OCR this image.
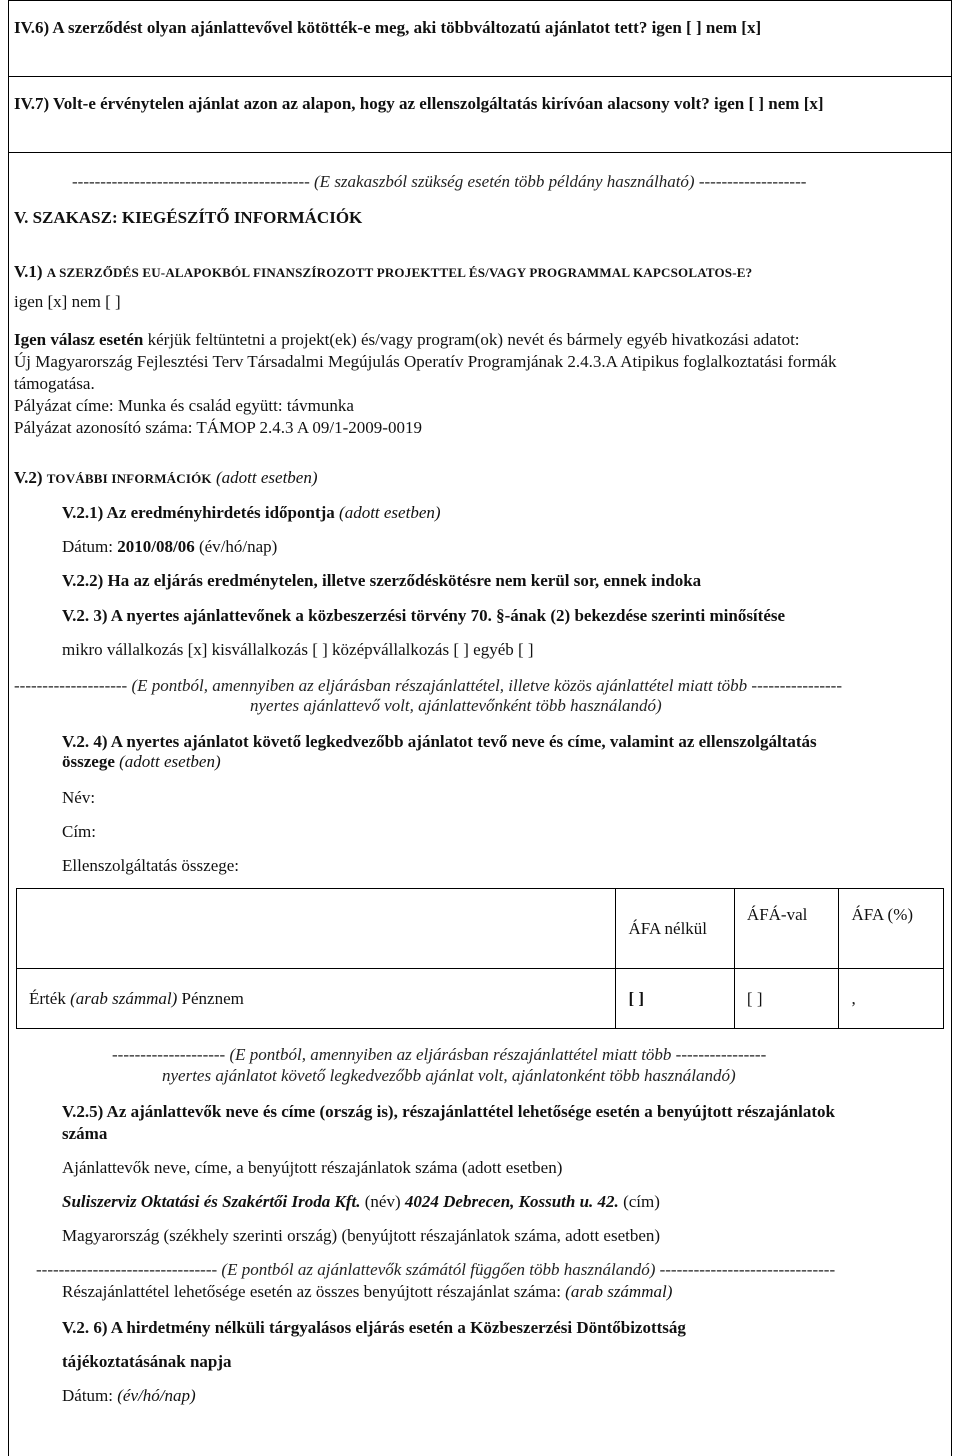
IV.6) A szerződést olyan ajánlattevővel kötötték-e meg, aki többváltozatú ajánlatot tett? igen [ ] nem [x]
IV.7) Volt-e érvénytelen ajánlat azon az alapon, hogy az ellenszolgáltatás kirívóan alacsony volt? igen [ ] nem [x]
------------------------------------------ (E szakaszból szükség esetén több példány használható) -------------------
V. SZAKASZ: KIEGÉSZÍTŐ INFORMÁCIÓK
V.1) A SZERZŐDÉS EU-ALAPOKBÓL FINANSZÍROZOTT PROJEKTTEL ÉS/VAGY PROGRAMMAL KAPCSOLATOS-E?
igen [x] nem [ ]
Igen válasz esetén kérjük feltüntetni a projekt(ek) és/vagy program(ok) nevét és bármely egyéb hivatkozási adatot:
Új Magyarország Fejlesztési Terv Társadalmi Megújulás Operatív Programjának 2.4.3.A Atipikus foglalkoztatási formák
támogatása.
Pályázat címe: Munka és család együtt: távmunka
Pályázat azonosító száma: TÁMOP 2.4.3 A 09/1-2009-0019
V.2) TOVÁBBI INFORMÁCIÓK (adott esetben)
V.2.1) Az eredményhirdetés időpontja (adott esetben)
Dátum: 2010/08/06 (év/hó/nap)
V.2.2) Ha az eljárás eredménytelen, illetve szerződéskötésre nem kerül sor, ennek indoka
V.2. 3) A nyertes ajánlattevőnek a közbeszerzési törvény 70. §-ának (2) bekezdése szerinti minősítése
mikro vállalkozás [x] kisvállalkozás [ ] középvállalkozás [ ] egyéb [ ]
-------------------- (E pontból, amennyiben az eljárásban részajánlattétel, illetve közös ajánlattétel miatt több ----------------
nyertes ajánlattevő volt, ajánlattevőnként több használandó)
V.2. 4) A nyertes ajánlatot követő legkedvezőbb ajánlatot tevő neve és címe, valamint az ellenszolgáltatás
összege (adott esetben)
Név:
Cím:
Ellenszolgáltatás összege:
	ÁFA nélkül	ÁFÁ-val	ÁFA (%)
Érték (arab számmal) Pénznem	[ ]	[ ]	,
-------------------- (E pontból, amennyiben az eljárásban részajánlattétel miatt több ----------------
nyertes ajánlatot követő legkedvezőbb ajánlat volt, ajánlatonként több használandó)
V.2.5) Az ajánlattevők neve és címe (ország is), részajánlattétel lehetősége esetén a benyújtott részajánlatok
száma
Ajánlattevők neve, címe, a benyújtott részajánlatok száma (adott esetben)
Suliszerviz Oktatási és Szakértői Iroda Kft. (név) 4024 Debrecen, Kossuth u. 42. (cím)
Magyarország (székhely szerinti ország) (benyújtott részajánlatok száma, adott esetben)
-------------------------------- (E pontból az ajánlattevők számától függően több használandó) -------------------------------
Részajánlattétel lehetősége esetén az összes benyújtott részajánlat száma: (arab számmal)
V.2. 6) A hirdetmény nélküli tárgyalásos eljárás esetén a Közbeszerzési Döntőbizottság
tájékoztatásának napja
Dátum: (év/hó/nap)
